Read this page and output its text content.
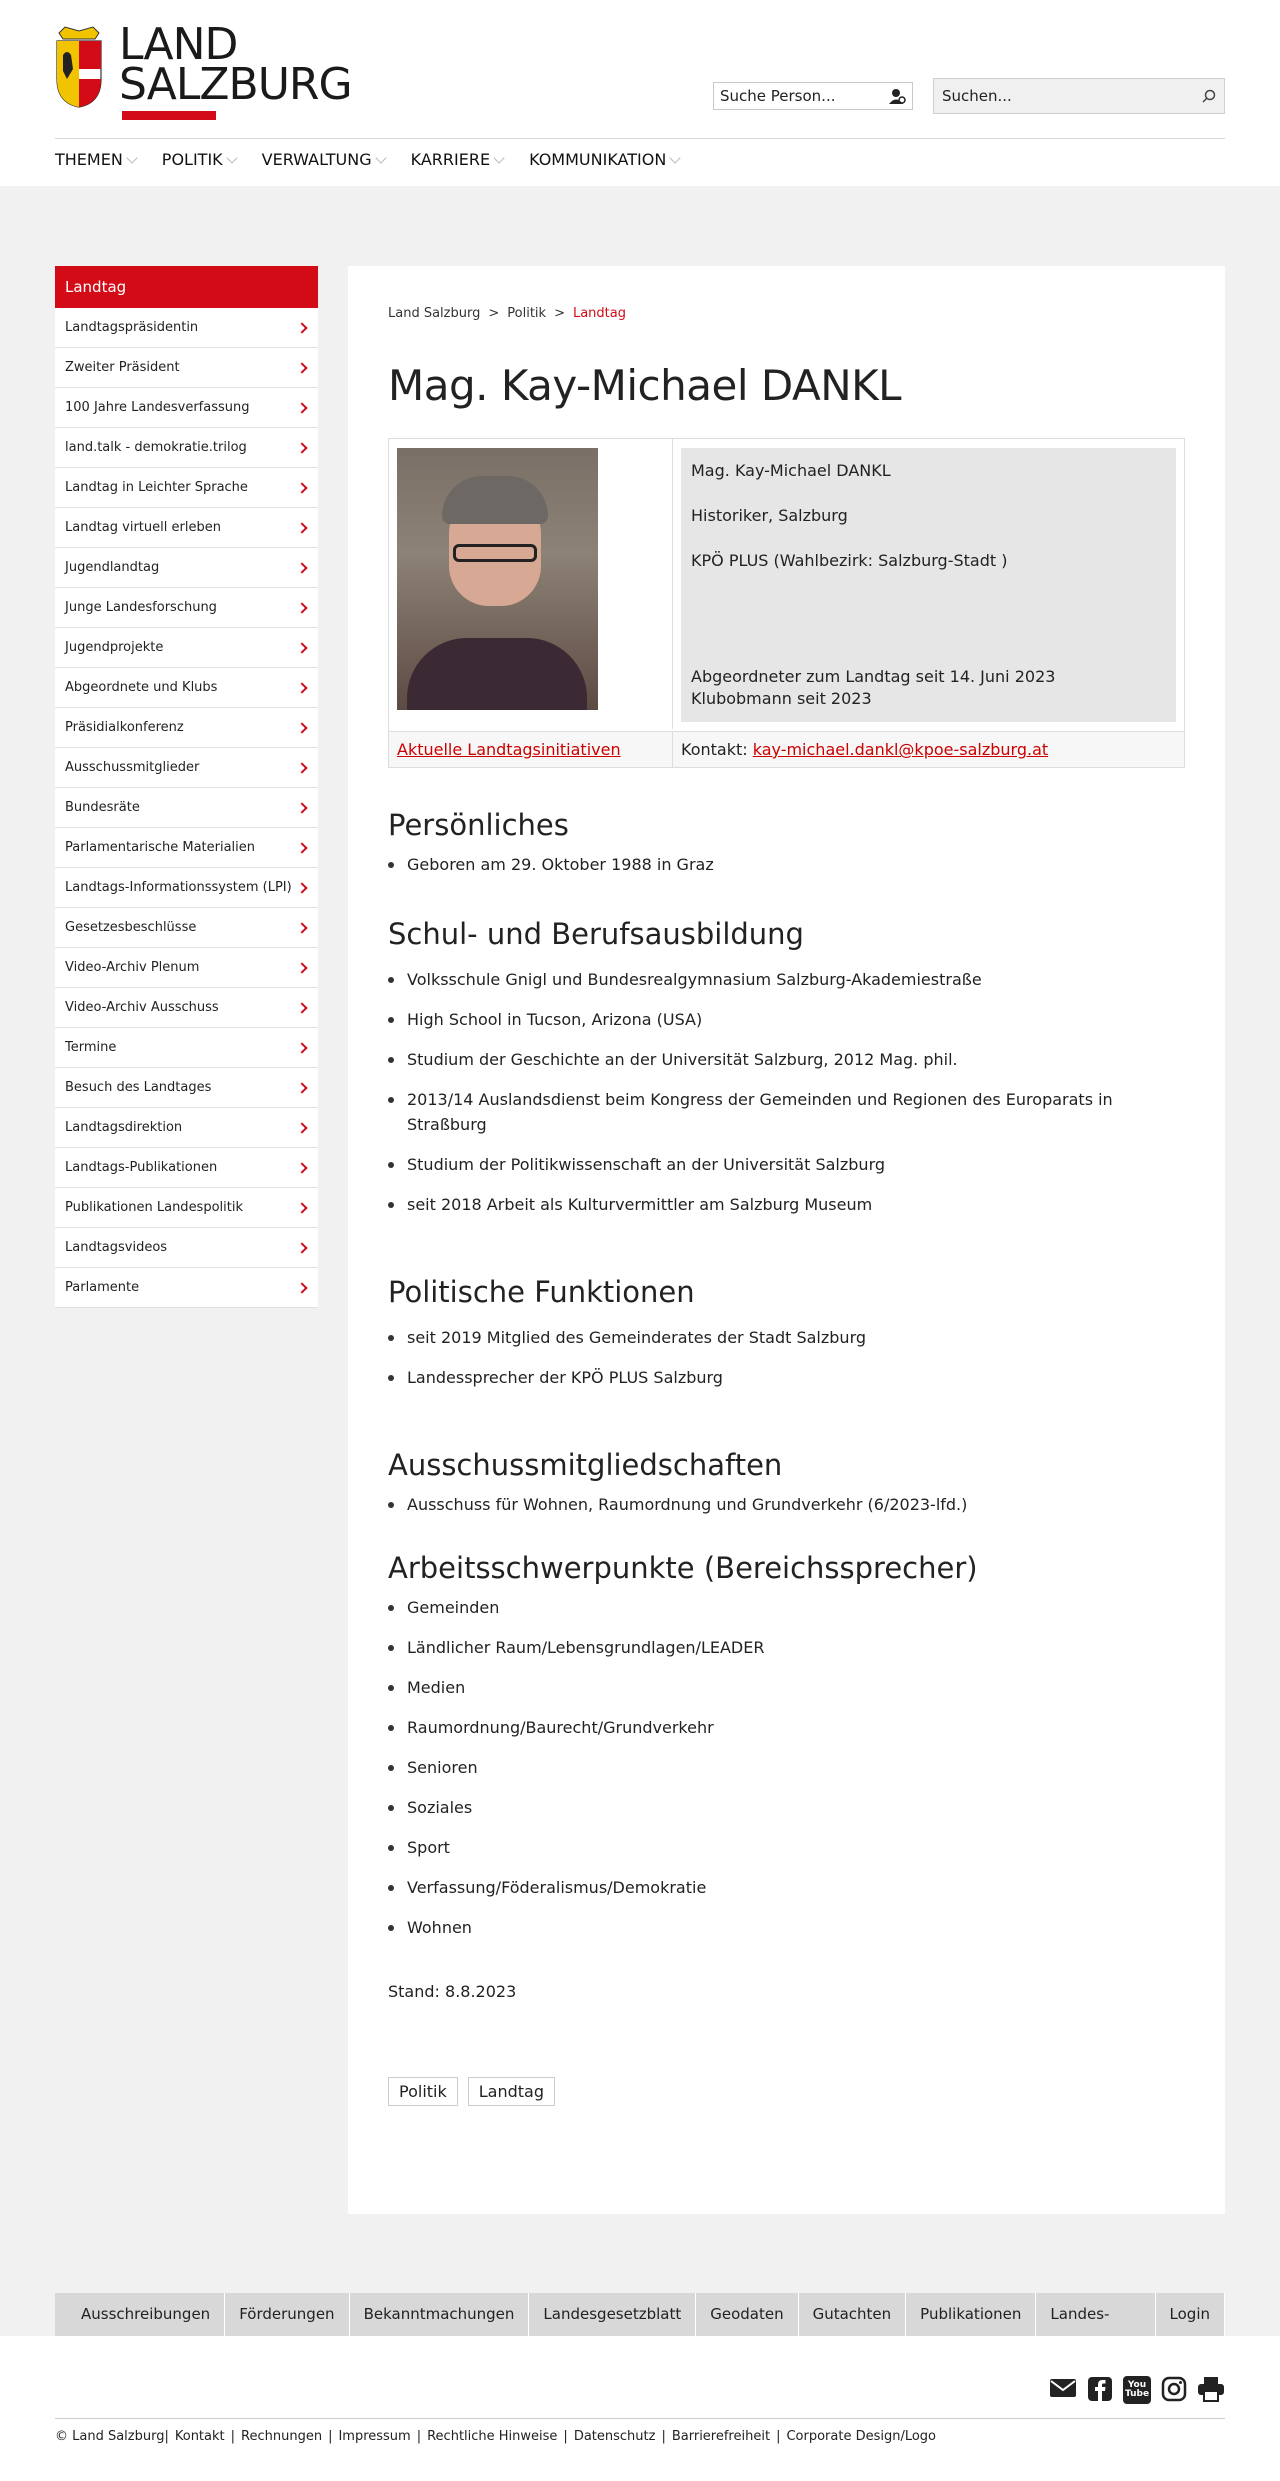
LAND
SALZBURG	Suche Person...	Suchen...
THEMEN POLITIK VERWALTUNG KARRIERE KOMMUNIKATION
Landtag
Landtagspräsidentin
Zweiter Präsident
100 Jahre Landesverfassung
land.talk - demokratie.trilog
Landtag in Leichter Sprache
Landtag virtuell erleben
Jugendlandtag
Junge Landesforschung
Jugendprojekte
Abgeordnete und Klubs
Präsidialkonferenz
Ausschussmitglieder
Bundesräte
Parlamentarische Materialien
Landtags-Informationssystem (LPI)
Gesetzesbeschlüsse
Video-Archiv Plenum
Video-Archiv Ausschuss
Termine
Besuch des Landtages
Landtagsdirektion
Landtags-Publikationen
Publikationen Landespolitik
Landtagsvideos
Parlamente
Land Salzburg > Politik > Landtag
Mag. Kay-Michael DANKL

Mag. Kay-Michael DANKL

Historiker, Salzburg

KPÖ PLUS (Wahlbezirk: Salzburg-Stadt )

Abgeordneter zum Landtag seit 14. Juni 2023

Klubobmann seit 2023

Aktuelle Landtagsinitiativen	Kontakt: kay-michael.dankl@kpoe-salzburg.at
Persönliches
Geboren am 29. Oktober 1988 in Graz
Schul- und Berufsausbildung
Volksschule Gnigl und Bundesrealgymnasium Salzburg-Akademiestraße
High School in Tucson, Arizona (USA)
Studium der Geschichte an der Universität Salzburg, 2012 Mag. phil.
2013/14 Auslandsdienst beim Kongress der Gemeinden und Regionen des Europarats in Straßburg
Studium der Politikwissenschaft an der Universität Salzburg
seit 2018 Arbeit als Kulturvermittler am Salzburg Museum
Politische Funktionen
seit 2019 Mitglied des Gemeinderates der Stadt Salzburg
Landessprecher der KPÖ PLUS Salzburg
Ausschussmitgliedschaften
Ausschuss für Wohnen, Raumordnung und Grundverkehr (6/2023-lfd.)
Arbeitsschwerpunkte (Bereichssprecher)
Gemeinden
Ländlicher Raum/Lebensgrundlagen/LEADER
Medien
Raumordnung/Baurecht/Grundverkehr
Senioren
Soziales
Sport
Verfassung/Föderalismus/Demokratie
Wohnen

Stand: 8.8.2023

Politik	Landtag
Ausschreibungen	Förderungen	Bekanntmachungen	Landesgesetzblatt	Geodaten	Gutachten	Publikationen	Landes-	Login
You Tube
© Land Salzburg| Kontakt | Rechnungen | Impressum | Rechtliche Hinweise | Datenschutz | Barrierefreiheit | Corporate Design/Logo
